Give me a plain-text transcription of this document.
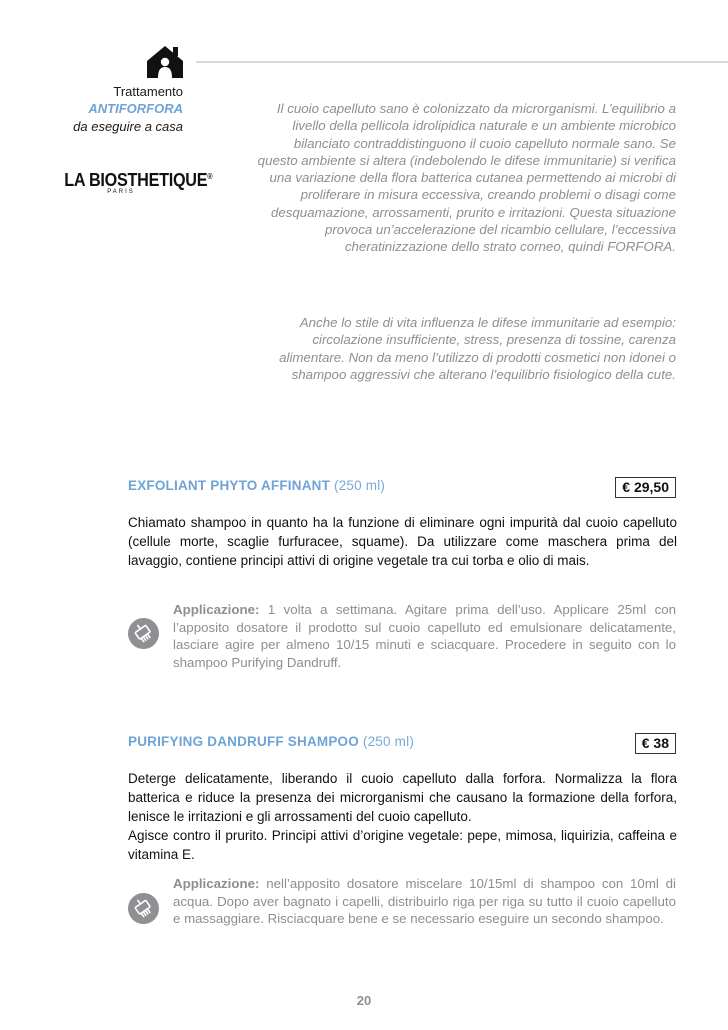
Trattamento
ANTIFORFORA
da eseguire a casa
LA BIOSTHETIQUE®
PARIS

Il cuoio capelluto sano è colonizzato da microrganismi. L’equilibrio a livello della pellicola idrolipidica naturale e un ambiente microbico bilanciato contraddistinguono il cuoio capelluto normale sano. Se questo ambiente si altera (indebolendo le difese immunitarie) si verifica una variazione della flora batterica cutanea permettendo ai microbi di proliferare in misura eccessiva, creando problemi o disagi come desquamazione, arrossamenti, prurito e irritazioni. Questa situazione provoca un’accelerazione del ricambio cellulare, l’eccessiva cheratinizzazione dello strato corneo, quindi FORFORA.

Anche lo stile di vita influenza le difese immunitarie ad esempio: circolazione insufficiente, stress, presenza di tossine, carenza alimentare. Non da meno l’utilizzo di prodotti cosmetici non idonei o shampoo aggressivi che alterano l’equilibrio fisiologico della cute.

EXFOLIANT PHYTO AFFINANT (250 ml)	€ 29,50

Chiamato shampoo in quanto ha la funzione di eliminare ogni impurità dal cuoio capelluto (cellule morte, scaglie furfuracee, squame). Da utilizzare come maschera prima del lavaggio, contiene principi attivi di origine vegetale tra cui torba e olio di mais.

Applicazione: 1 volta a settimana. Agitare prima dell’uso. Applicare 25ml con l’apposito dosatore il prodotto sul cuoio capelluto ed emulsionare delicatamente, lasciare agire per almeno 10/15 minuti e sciacquare. Procedere in seguito con lo shampoo Purifying Dandruff.
PURIFYING DANDRUFF SHAMPOO (250 ml)	€ 38

Deterge delicatamente, liberando il cuoio capelluto dalla forfora. Normalizza la flora batterica e riduce la presenza dei microrganismi che causano la formazione della forfora, lenisce le irritazioni e gli arrossamenti del cuoio capelluto.

Agisce contro il prurito. Principi attivi d’origine vegetale: pepe, mimosa, liquirizia, caffeina e vitamina E.

Applicazione: nell’apposito dosatore miscelare 10/15ml di shampoo con 10ml di acqua. Dopo aver bagnato i capelli, distribuirlo riga per riga su tutto il cuoio capelluto e massaggiare. Risciacquare bene e se necessario eseguire un secondo shampoo.
20
